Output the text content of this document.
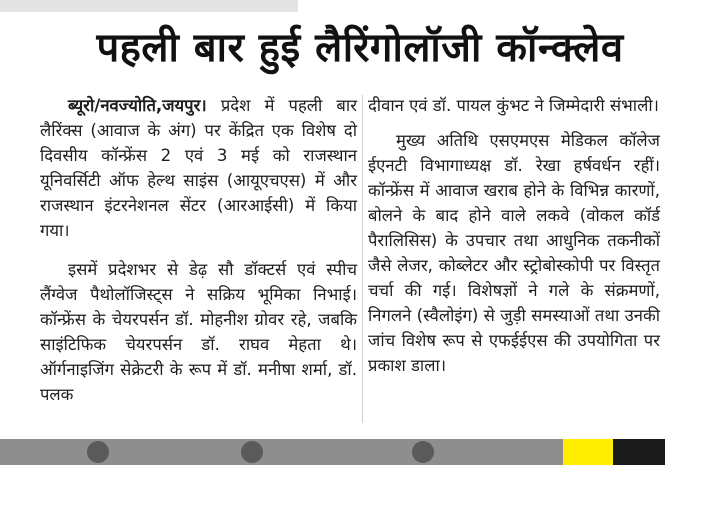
पहली बार हुई लैरिंगोलॉजी कॉन्क्लेव

ब्यूरो/नवज्योति,जयपुर। प्रदेश में पहली बार लैरिंक्स (आवाज के अंग) पर केंद्रित एक विशेष दो दिवसीय कॉन्फ्रेंस 2 एवं 3 मई को राजस्थान यूनिवर्सिटी ऑफ हेल्थ साइंस (आयूएचएस) में और राजस्थान इंटरनेशनल सेंटर (आरआईसी) में किया गया।

इसमें प्रदेशभर से डेढ़ सौ डॉक्टर्स एवं स्पीच लैंग्वेज पैथोलॉजिस्ट्स ने सक्रिय भूमिका निभाई। कॉन्फ्रेंस के चेयरपर्सन डॉ. मोहनीश ग्रोवर रहे, जबकि साइंटिफिक चेयरपर्सन डॉ. राघव मेहता थे। ऑर्गनाइजिंग सेक्रेटरी के रूप में डॉ. मनीषा शर्मा, डॉ. पलक

दीवान एवं डॉ. पायल कुंभट ने जिम्मेदारी संभाली।

मुख्य अतिथि एसएमएस मेडिकल कॉलेज ईएनटी विभागाध्यक्ष डॉ. रेखा हर्षवर्धन रहीं। कॉन्फ्रेंस में आवाज खराब होने के विभिन्न कारणों, बोलने के बाद होने वाले लकवे (वोकल कॉर्ड पैरालिसिस) के उपचार तथा आधुनिक तकनीकों जैसे लेजर, कोब्लेटर और स्ट्रोबोस्कोपी पर विस्तृत चर्चा की गई। विशेषज्ञों ने गले के संक्रमणों, निगलने (स्वैलोइंग) से जुड़ी समस्याओं तथा उनकी जांच विशेष रूप से एफईईएस की उपयोगिता पर प्रकाश डाला।
